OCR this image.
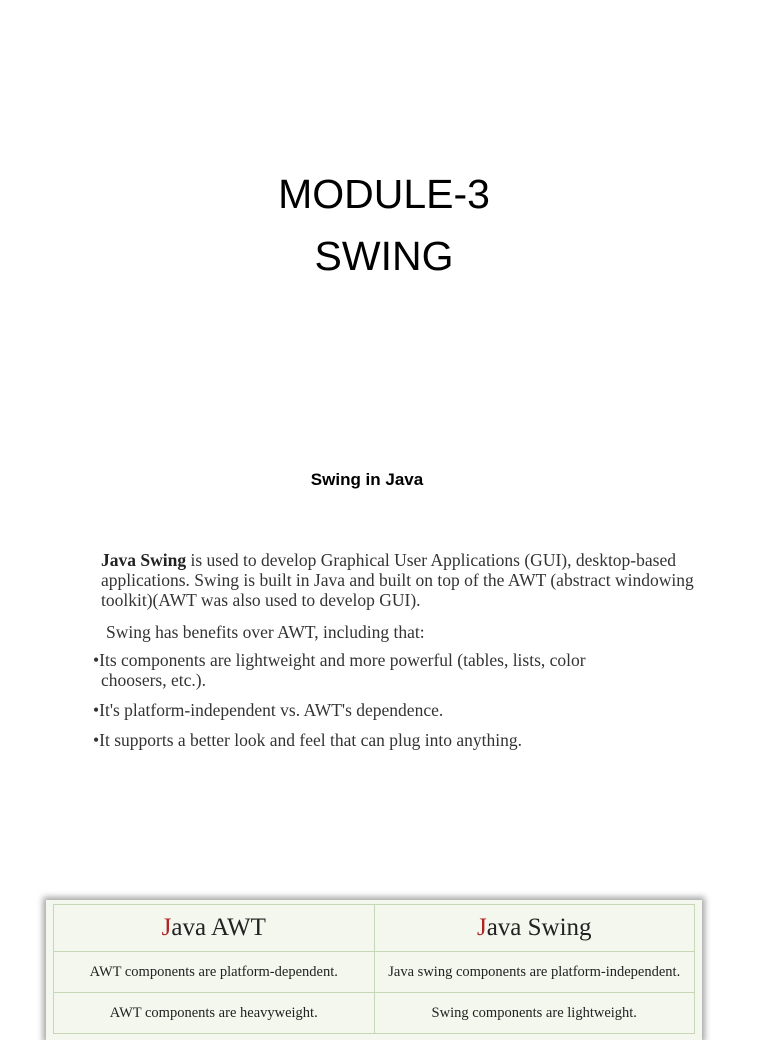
MODULE-3
SWING
Swing in Java
Java Swing is used to develop Graphical User Applications (GUI), desktop-based applications. Swing is built in Java and built on top of the AWT (abstract windowing toolkit)(AWT was also used to develop GUI).
Swing has benefits over AWT, including that:
•Its components are lightweight and more powerful (tables, lists, color
choosers, etc.).
•It's platform-independent vs. AWT's dependence.
•It supports a better look and feel that can plug into anything.
Java AWT	Java Swing
AWT components are platform-dependent.	Java swing components are platform-independent.
AWT components are heavyweight.	Swing components are lightweight.
